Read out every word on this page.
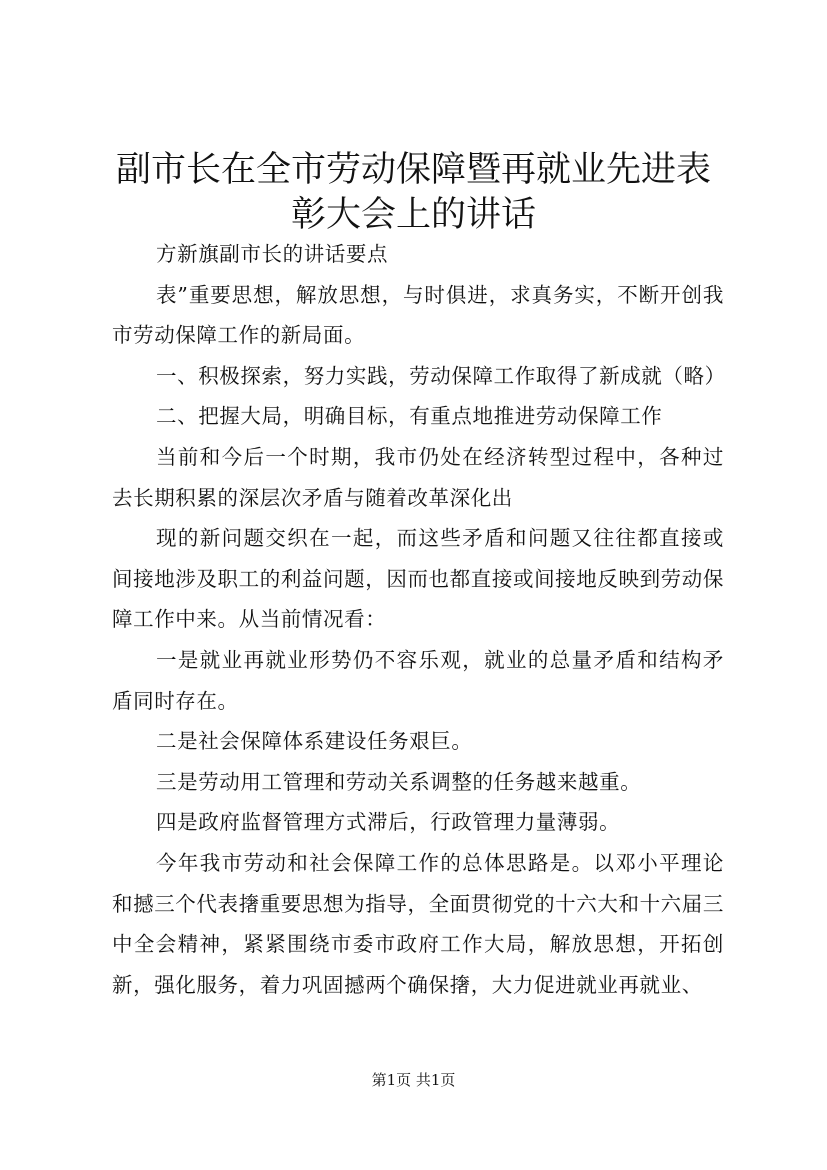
副市长在全市劳动保障暨再就业先进表彰大会上的讲话

方新旗副市长的讲话要点

表”重要思想，解放思想，与时俱进，求真务实，不断开创我市劳动保障工作的新局面。

一、积极探索，努力实践，劳动保障工作取得了新成就（略）

二、把握大局，明确目标，有重点地推进劳动保障工作

当前和今后一个时期，我市仍处在经济转型过程中，各种过去长期积累的深层次矛盾与随着改革深化出

现的新问题交织在一起，而这些矛盾和问题又往往都直接或间接地涉及职工的利益问题，因而也都直接或间接地反映到劳动保障工作中来。从当前情况看：

一是就业再就业形势仍不容乐观，就业的总量矛盾和结构矛盾同时存在。

二是社会保障体系建设任务艰巨。

三是劳动用工管理和劳动关系调整的任务越来越重。

四是政府监督管理方式滞后，行政管理力量薄弱。

今年我市劳动和社会保障工作的总体思路是。以邓小平理论和撼三个代表撦重要思想为指导，全面贯彻党的十六大和十六届三中全会精神，紧紧围绕市委市政府工作大局，解放思想，开拓创新，强化服务，着力巩固撼两个确保撦，大力促进就业再就业、

第1页 共1页
